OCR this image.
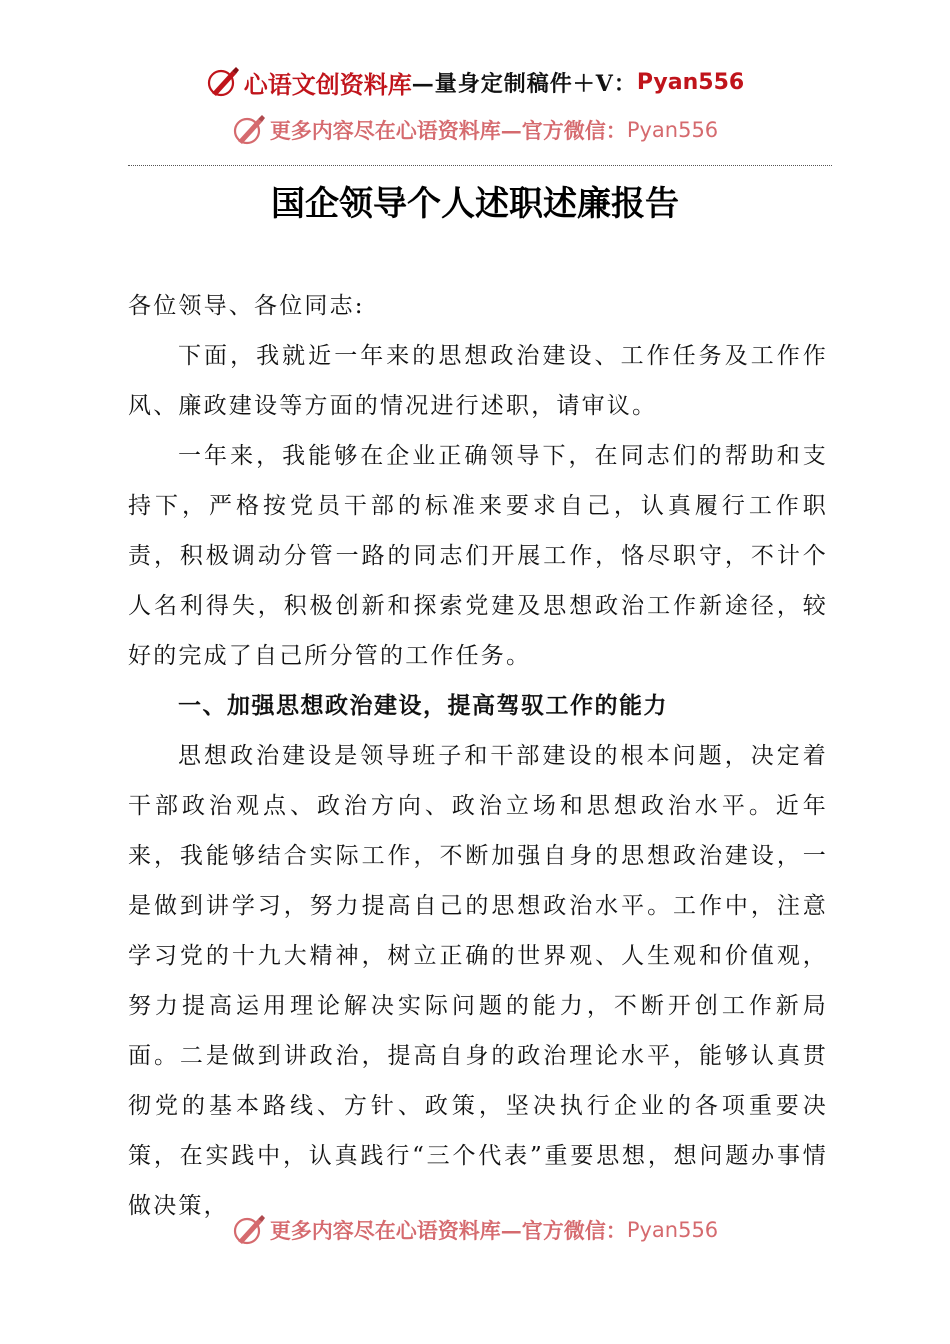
心语文创资料库 —量身定制稿件＋V： Pyan556
更多内容尽在心语资料库—官方微信： Pyan556
国企领导个人述职述廉报告

各位领导、各位同志:

下面，我就近一年来的思想政治建设、工作任务及工作作风、廉政建设等方面的情况进行述职，请审议。

一年来，我能够在企业正确领导下，在同志们的帮助和支持下，严格按党员干部的标准来要求自己，认真履行工作职责，积极调动分管一路的同志们开展工作，恪尽职守，不计个人名利得失，积极创新和探索党建及思想政治工作新途径，较好的完成了自己所分管的工作任务。

一、加强思想政治建设，提高驾驭工作的能力

思想政治建设是领导班子和干部建设的根本问题，决定着干部政治观点、政治方向、政治立场和思想政治水平。近年来，我能够结合实际工作，不断加强自身的思想政治建设，一是做到讲学习，努力提高自己的思想政治水平。工作中，注意学习党的十九大精神，树立正确的世界观、人生观和价值观，努力提高运用理论解决实际问题的能力，不断开创工作新局面。二是做到讲政治，提高自身的政治理论水平，能够认真贯彻党的基本路线、方针、政策，坚决执行企业的各项重要决策，在实践中，认真践行“三个代表”重要思想，想问题办事情做决策，

更多内容尽在心语资料库—官方微信： Pyan556
